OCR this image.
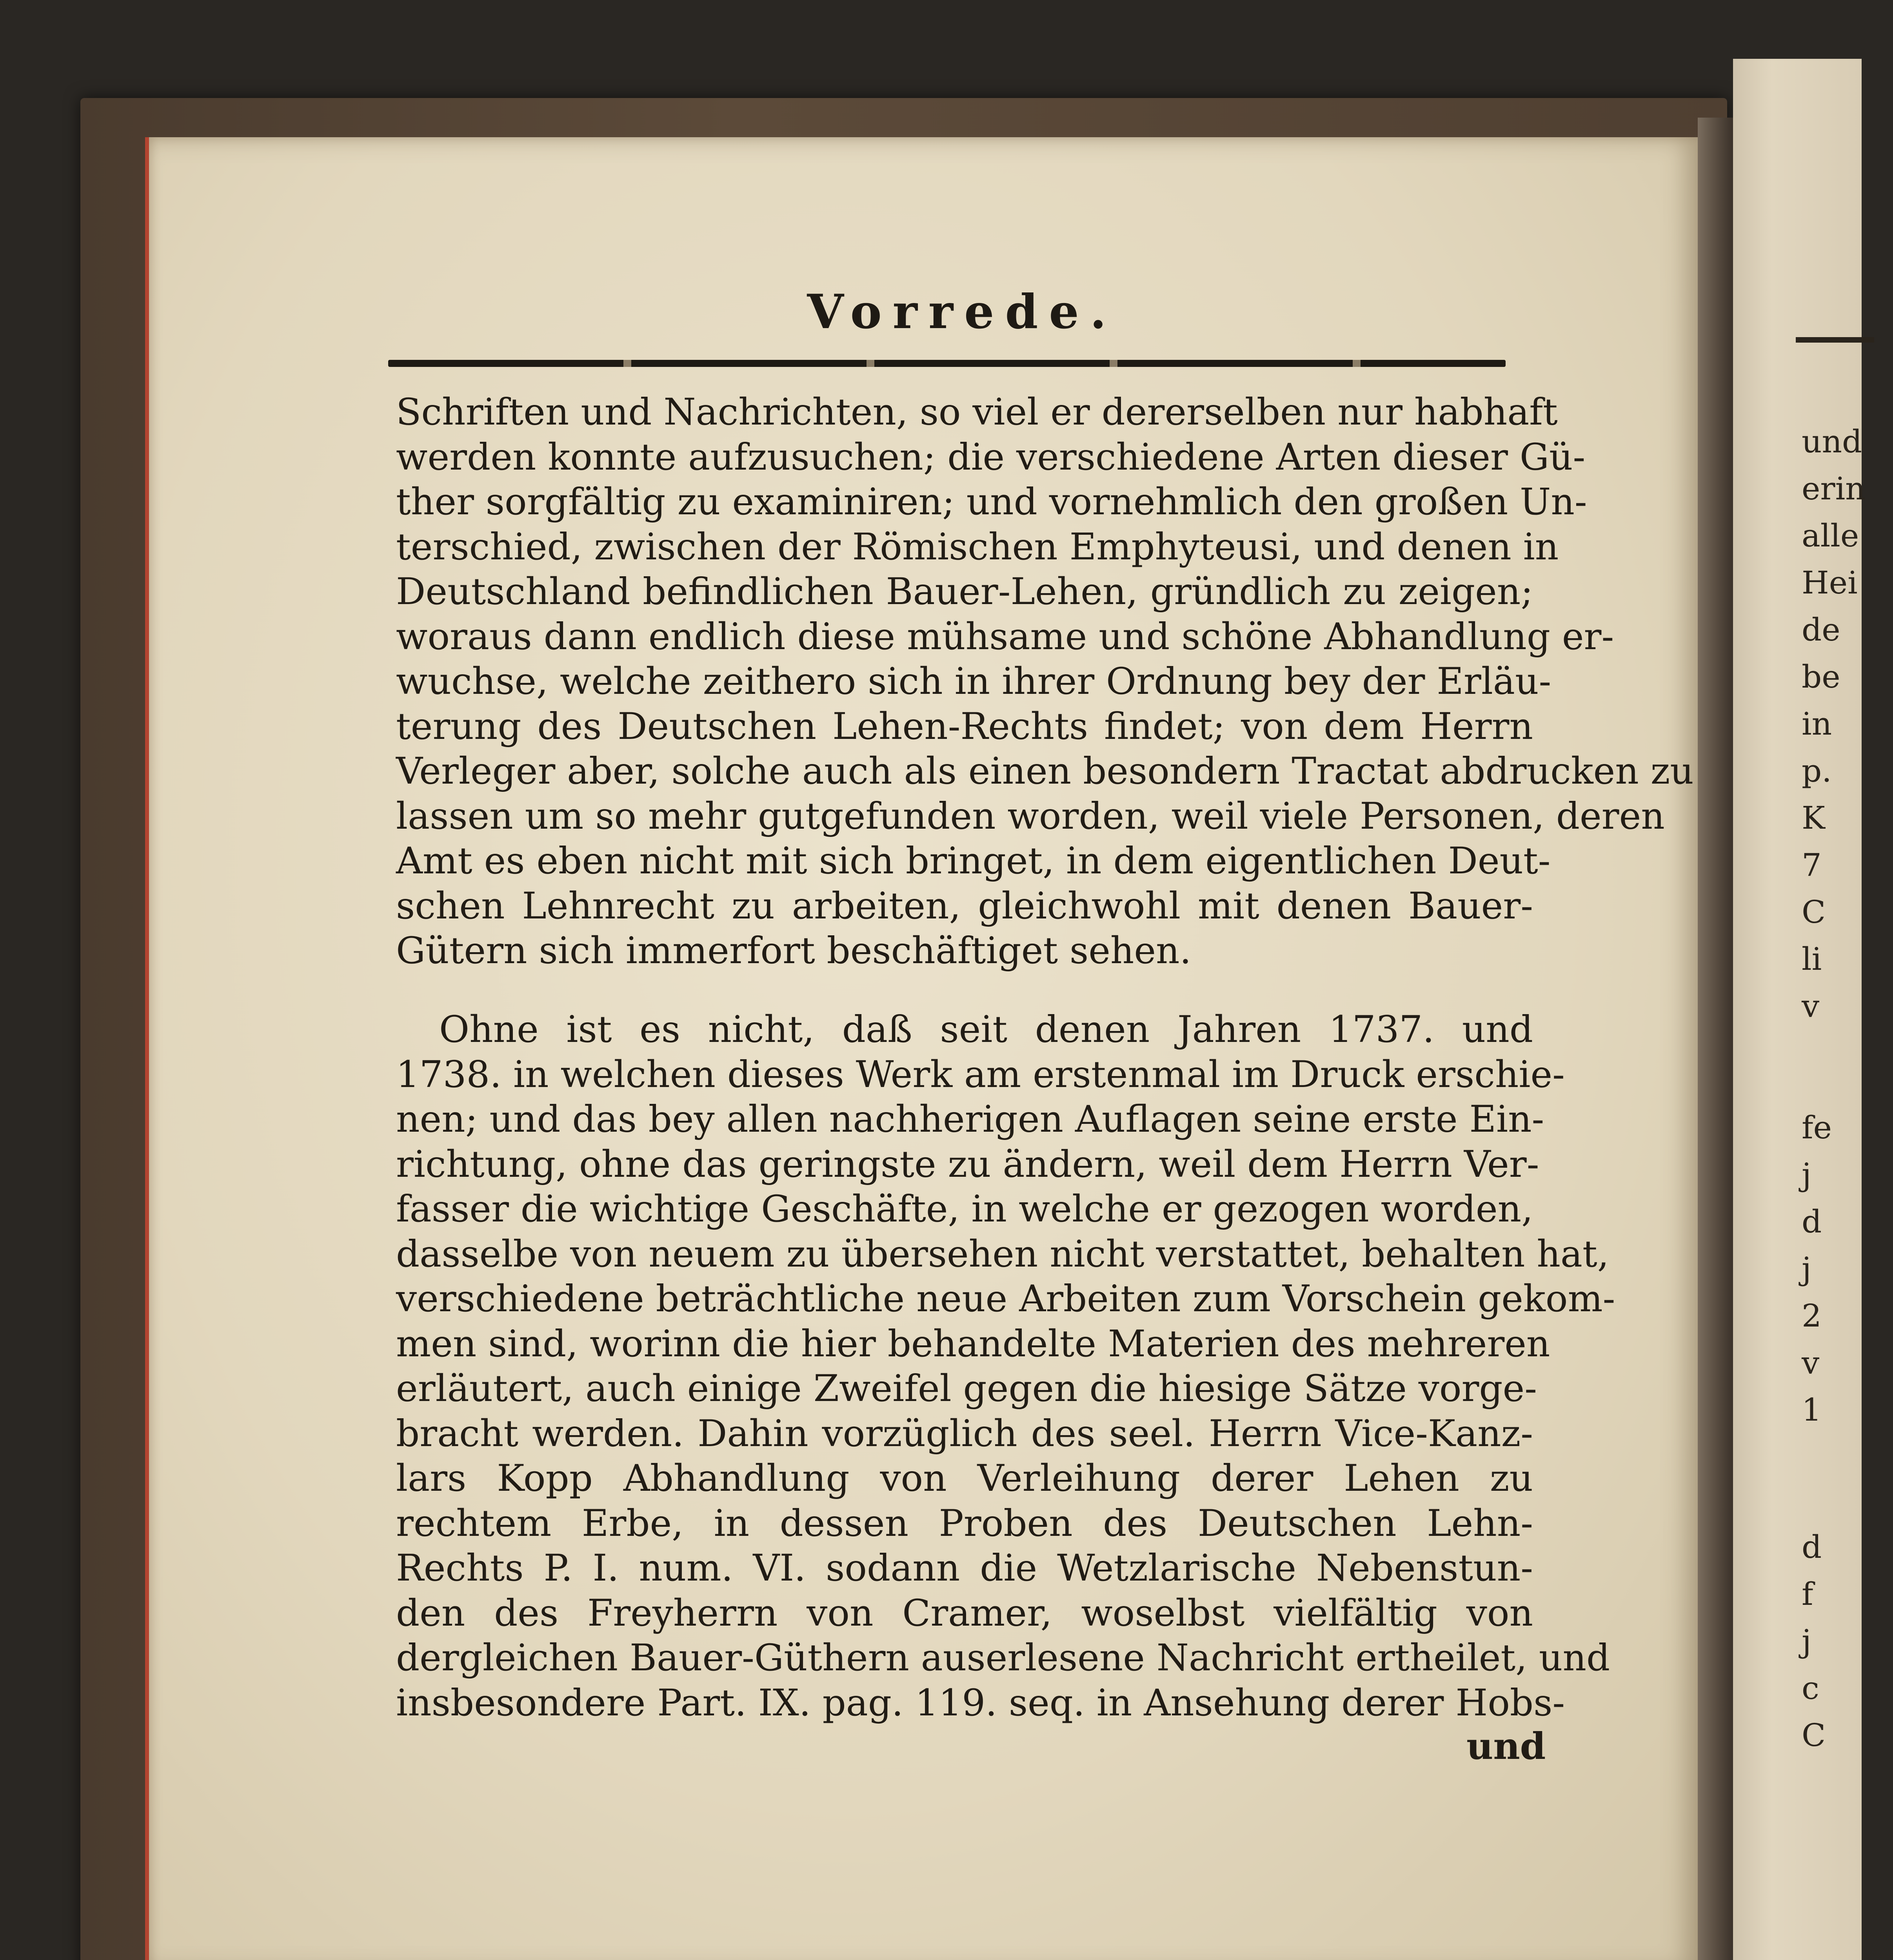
und
erin
alle
Hei
de
be
in
p.
K
7
C
li
v
fe
j
d
j
2
v
1
d
f
j
c
C
Vorrede.
Schriften und Nachrichten, so viel er dererselben nur habhaft
werden konnte aufzusuchen; die verschiedene Arten dieser Gü-
ther sorgfältig zu examiniren; und vornehmlich den großen Un-
terschied, zwischen der Römischen Emphyteusi, und denen in
Deutschland befindlichen Bauer-Lehen, gründlich zu zeigen;
woraus dann endlich diese mühsame und schöne Abhandlung er-
wuchse, welche zeithero sich in ihrer Ordnung bey der Erläu-
terung des Deutschen Lehen-Rechts findet; von dem Herrn
Verleger aber, solche auch als einen besondern Tractat abdrucken zu
lassen um so mehr gutgefunden worden, weil viele Personen, deren
Amt es eben nicht mit sich bringet, in dem eigentlichen Deut-
schen Lehnrecht zu arbeiten, gleichwohl mit denen Bauer-
Gütern sich immerfort beschäftiget sehen.
Ohne ist es nicht, daß seit denen Jahren 1737. und
1738. in welchen dieses Werk am erstenmal im Druck erschie-
nen; und das bey allen nachherigen Auflagen seine erste Ein-
richtung, ohne das geringste zu ändern, weil dem Herrn Ver-
fasser die wichtige Geschäfte, in welche er gezogen worden,
dasselbe von neuem zu übersehen nicht verstattet, behalten hat,
verschiedene beträchtliche neue Arbeiten zum Vorschein gekom-
men sind, worinn die hier behandelte Materien des mehreren
erläutert, auch einige Zweifel gegen die hiesige Sätze vorge-
bracht werden. Dahin vorzüglich des seel. Herrn Vice-Kanz-
lars Kopp Abhandlung von Verleihung derer Lehen zu
rechtem Erbe, in dessen Proben des Deutschen Lehn-
Rechts P. I. num. VI. sodann die Wetzlarische Nebenstun-
den des Freyherrn von Cramer, woselbst vielfältig von
dergleichen Bauer-Güthern auserlesene Nachricht ertheilet, und
insbesondere Part. IX. pag. 119. seq. in Ansehung derer Hobs-
und
